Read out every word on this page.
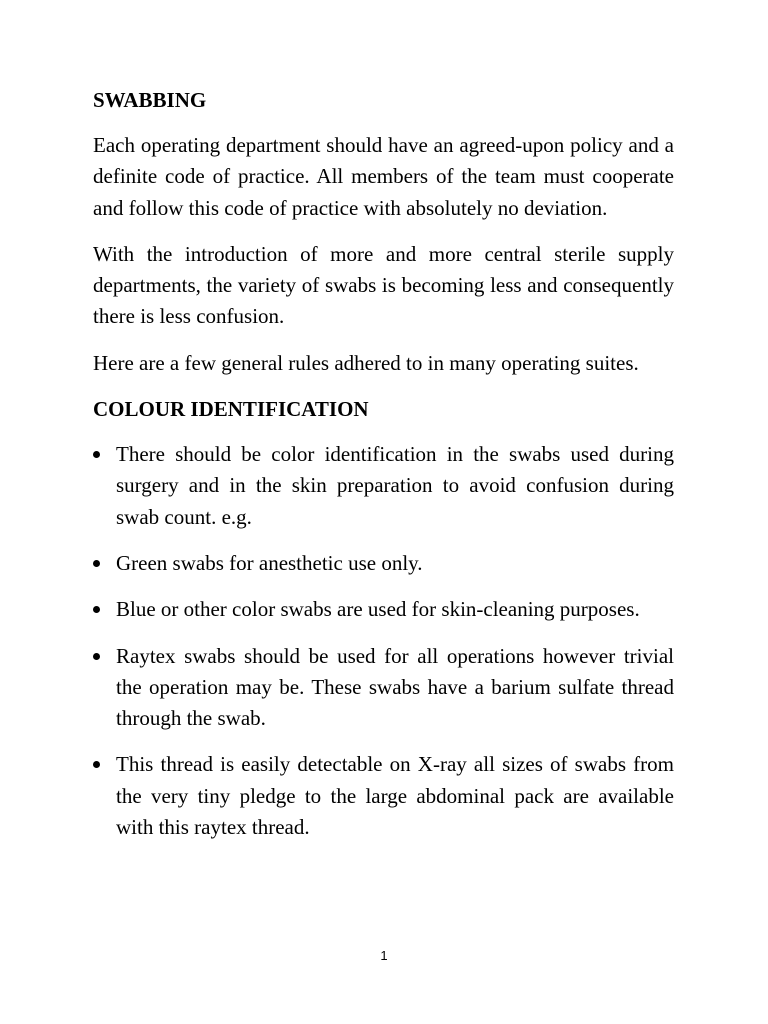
SWABBING

Each operating department should have an agreed-upon policy and a definite code of practice. All members of the team must cooperate and follow this code of practice with absolutely no deviation.

With the introduction of more and more central sterile supply departments, the variety of swabs is becoming less and consequently there is less confusion.

Here are a few general rules adhered to in many operating suites.

COLOUR IDENTIFICATION
There should be color identification in the swabs used during surgery and in the skin preparation to avoid confusion during swab count. e.g.
Green swabs for anesthetic use only.
Blue or other color swabs are used for skin-cleaning purposes.
Raytex swabs should be used for all operations however trivial the operation may be. These swabs have a barium sulfate thread through the swab.
This thread is easily detectable on X-ray all sizes of swabs from the very tiny pledge to the large abdominal pack are available with this raytex thread.
1
